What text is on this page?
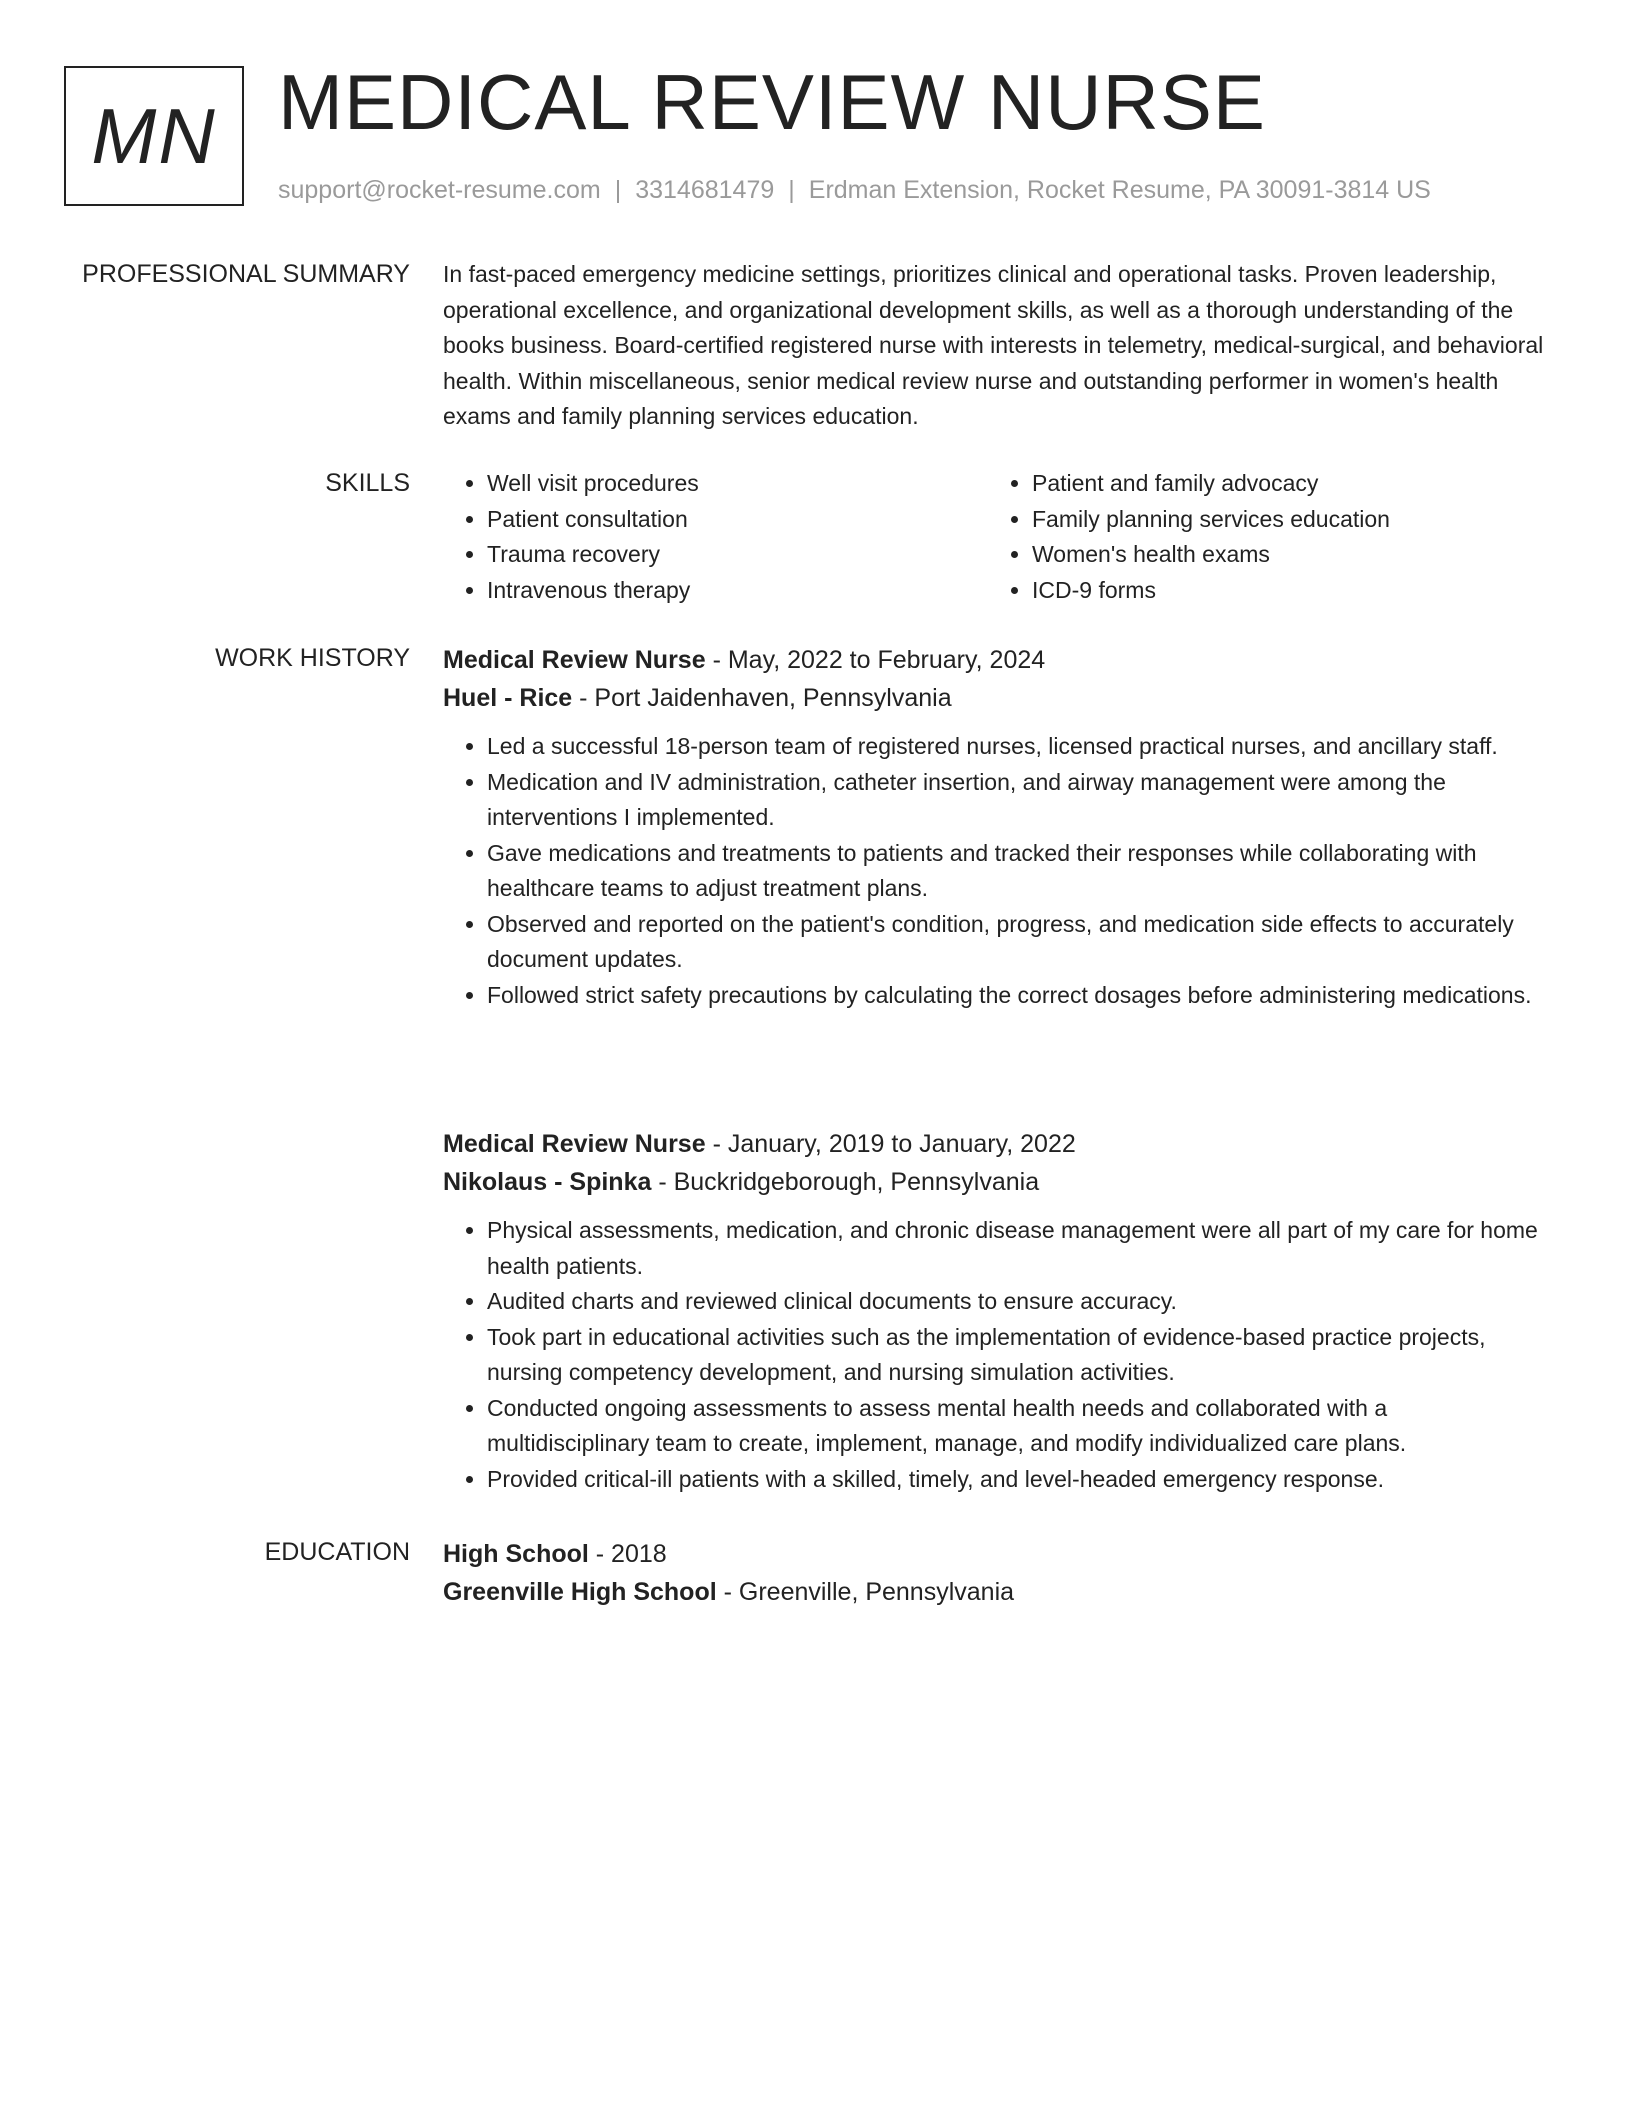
MN MEDICAL REVIEW NURSE
support@rocket-resume.com | 3314681479 | Erdman Extension, Rocket Resume, PA 30091-3814 US
PROFESSIONAL SUMMARY In fast-paced emergency medicine settings, prioritizes clinical and operational tasks. Proven leadership, operational excellence, and organizational development skills, as well as a thorough understanding of the books business. Board-certified registered nurse with interests in telemetry, medical-surgical, and behavioral health. Within miscellaneous, senior medical review nurse and outstanding performer in women's health exams and family planning services education.
SKILLS
•	Well visit procedures
• Patient consultation
• Trauma recovery
• Intravenous therapy
• Patient and family advocacy
• Family planning services education
• Women's health exams
• ICD-9 forms
WORK HISTORY Medical Review Nurse - May, 2022 to February, 2024
Huel - Rice - Port Jaidenhaven, Pennsylvania
• Led a successful 18-person team of registered nurses, licensed practical nurses, and ancillary staff.
• Medication and IV administration, catheter insertion, and airway management were among the interventions I implemented.
• Gave medications and treatments to patients and tracked their responses while collaborating with healthcare teams to adjust treatment plans.
• Observed and reported on the patient's condition, progress, and medication side effects to accurately document updates.
• Followed strict safety precautions by calculating the correct dosages before administering medications.
Medical Review Nurse - January, 2019 to January, 2022
Nikolaus - Spinka - Buckridgeborough, Pennsylvania
• Physical assessments, medication, and chronic disease management were all part of my care for home health patients.
• Audited charts and reviewed clinical documents to ensure accuracy.
• Took part in educational activities such as the implementation of evidence-based practice projects, nursing competency development, and nursing simulation activities.
• Conducted ongoing assessments to assess mental health needs and collaborated with a multidisciplinary team to create, implement, manage, and modify individualized care plans.
• Provided critical-ill patients with a skilled, timely, and level-headed emergency response.
EDUCATION High School - 2018
Greenville High School - Greenville, Pennsylvania
